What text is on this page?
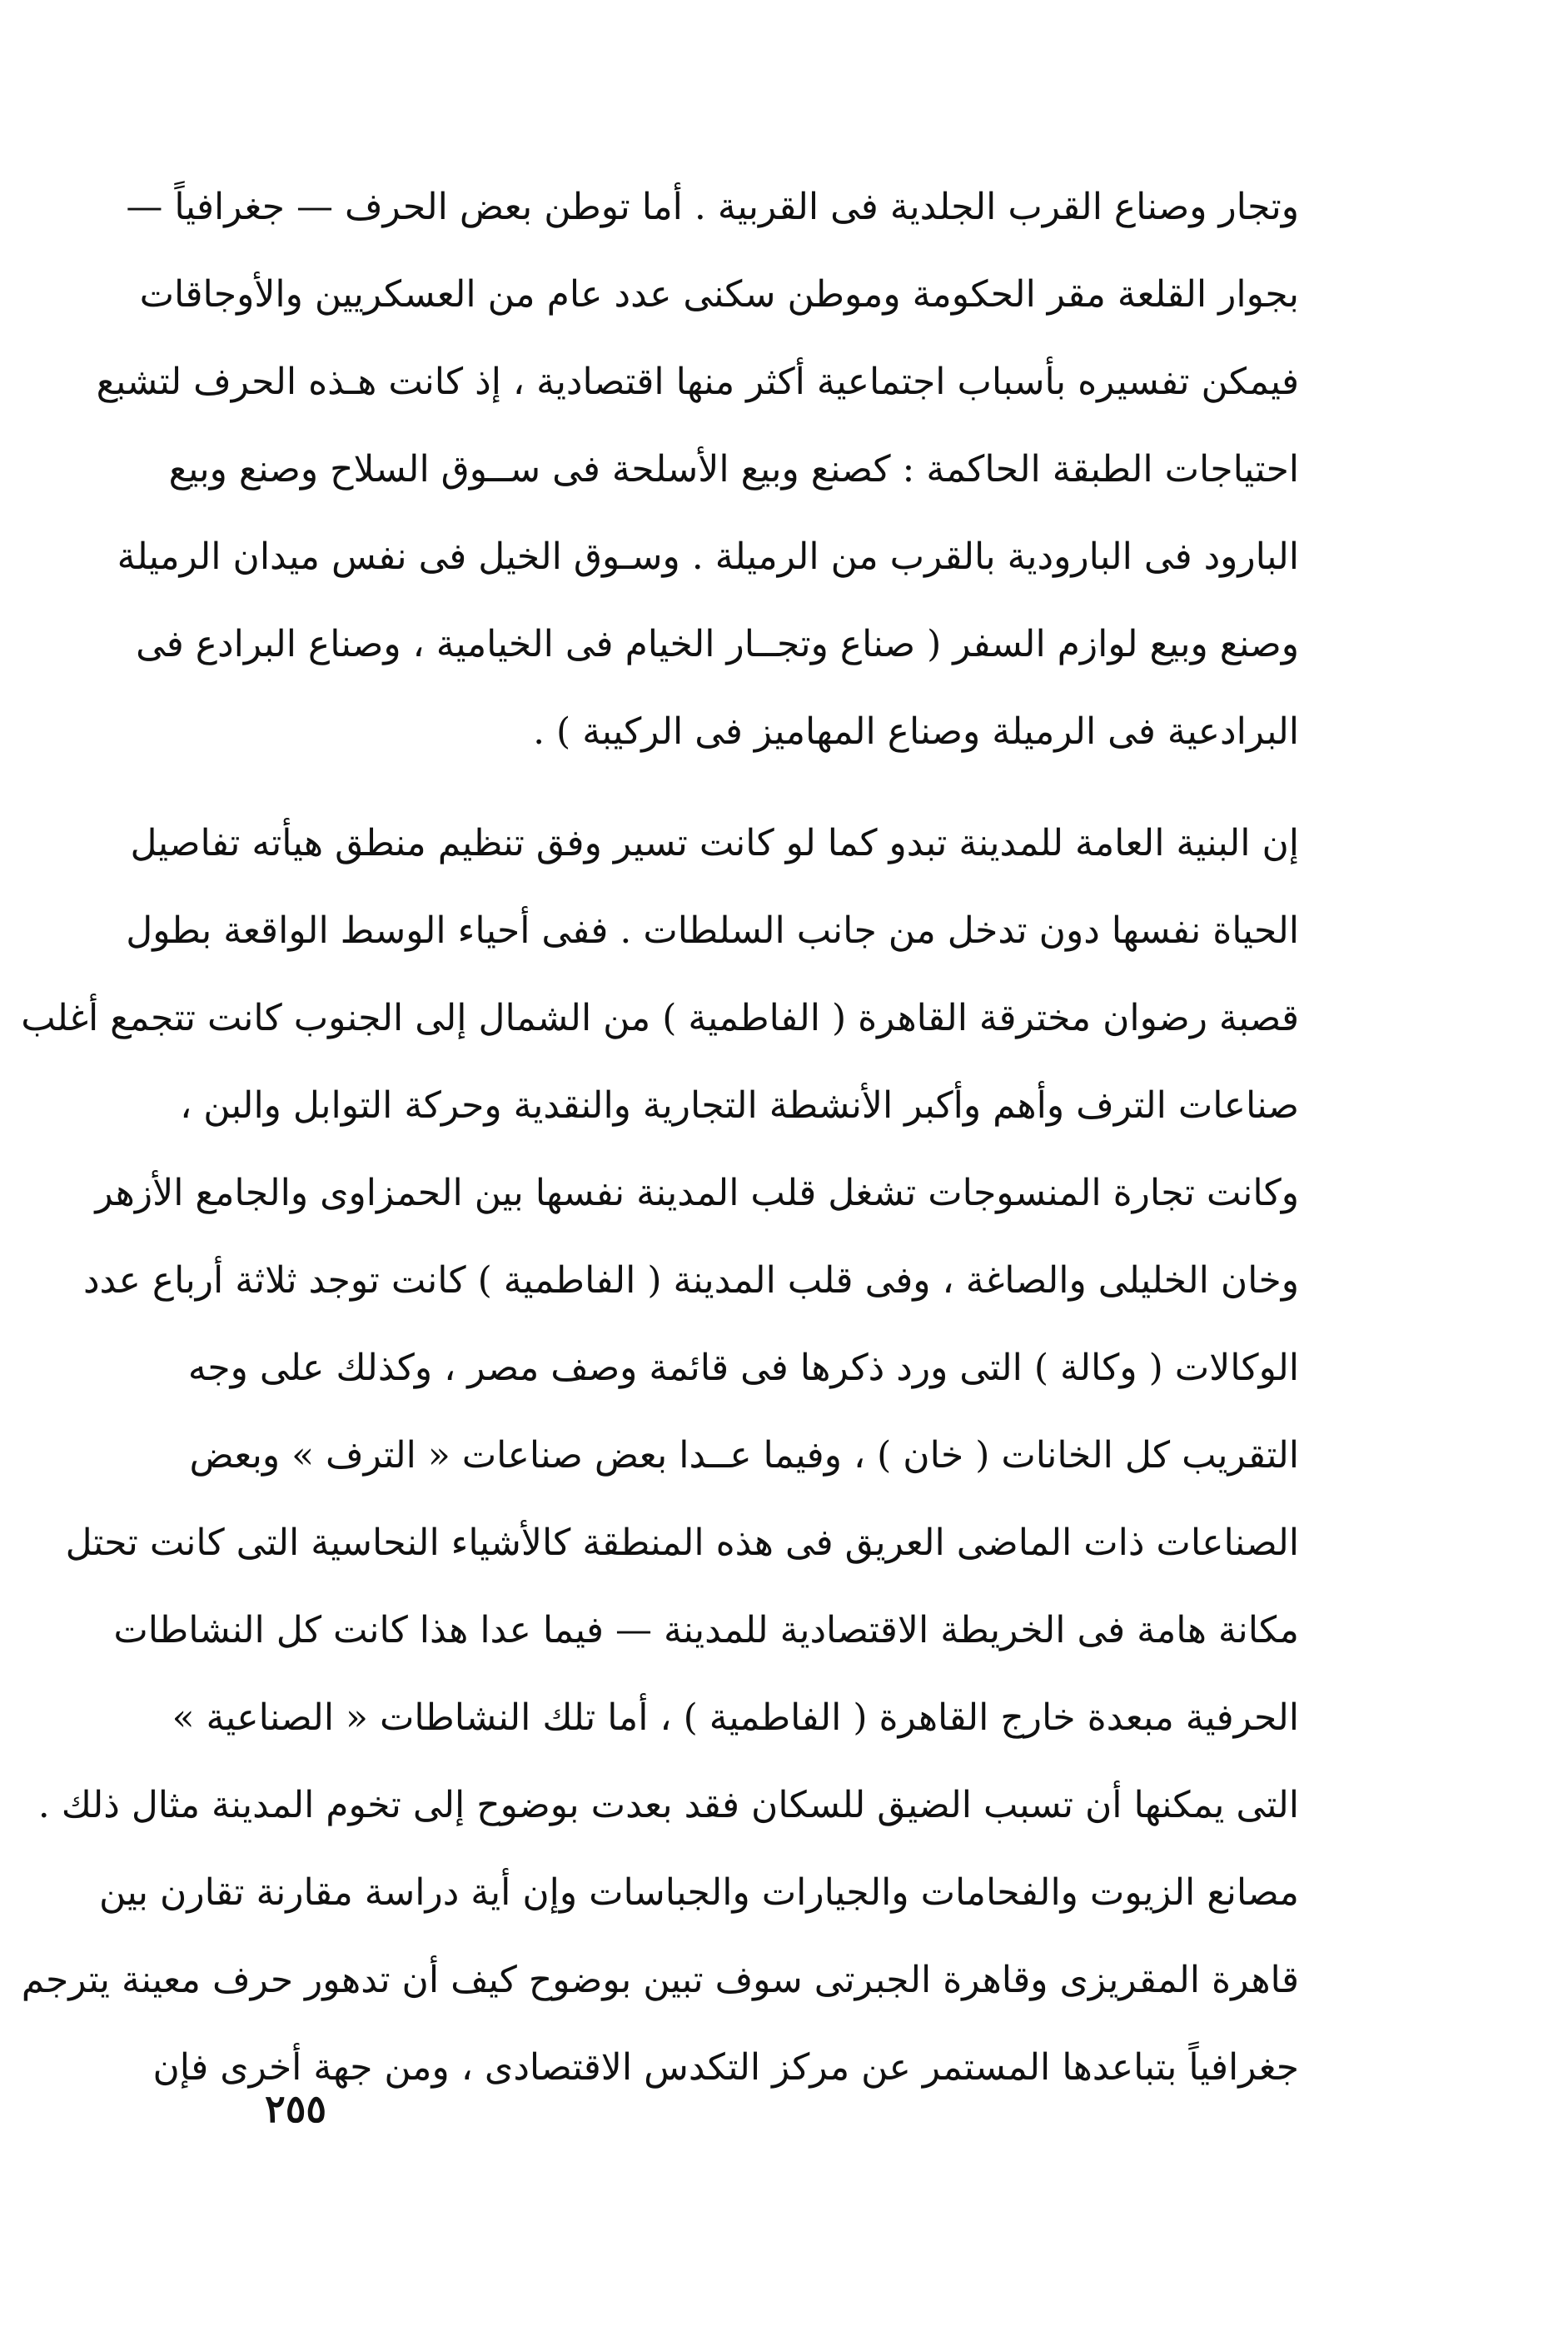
وتجار وصناع القرب الجلدية فى القربية . أما توطن بعض الحرف — جغرافياً —
بجوار القلعة مقر الحكومة وموطن سكنى عدد عام من العسكريين والأوجاقات
فيمكن تفسيره بأسباب اجتماعية أكثر منها اقتصادية ، إذ كانت هـذه الحرف لتشبع
احتياجات الطبقة الحاكمة : كصنع وبيع الأسلحة فى ســوق السلاح وصنع وبيع
البارود فى البارودية بالقرب من الرميلة . وسـوق الخيل فى نفس ميدان الرميلة
وصنع وبيع لوازم السفر ( صناع وتجــار الخيام فى الخيامية ، وصناع البرادع فى
البرادعية فى الرميلة وصناع المهاميز فى الركيبة ) .
إن البنية العامة للمدينة تبدو كما لو كانت تسير وفق تنظيم منطق هيأته تفاصيل
الحياة نفسها دون تدخل من جانب السلطات . ففى أحياء الوسط الواقعة بطول
قصبة رضوان مخترقة القاهرة ( الفاطمية ) من الشمال إلى الجنوب كانت تتجمع أغلب
صناعات الترف وأهم وأكبر الأنشطة التجارية والنقدية وحركة التوابل والبن ،
وكانت تجارة المنسوجات تشغل قلب المدينة نفسها بين الحمزاوى والجامع الأزهر
وخان الخليلى والصاغة ، وفى قلب المدينة ( الفاطمية ) كانت توجد ثلاثة أرباع عدد
الوكالات ( وكالة ) التى ورد ذكرها فى قائمة وصف مصر ، وكذلك على وجه
التقريب كل الخانات ( خان ) ، وفيما عــدا بعض صناعات « الترف » وبعض
الصناعات ذات الماضى العريق فى هذه المنطقة كالأشياء النحاسية التى كانت تحتل
مكانة هامة فى الخريطة الاقتصادية للمدينة — فيما عدا هذا كانت كل النشاطات
الحرفية مبعدة خارج القاهرة ( الفاطمية ) ، أما تلك النشاطات « الصناعية »
التى يمكنها أن تسبب الضيق للسكان فقد بعدت بوضوح إلى تخوم المدينة مثال ذلك .
مصانع الزيوت والفحامات والجيارات والجباسات وإن أية دراسة مقارنة تقارن بين
قاهرة المقريزى وقاهرة الجبرتى سوف تبين بوضوح كيف أن تدهور حرف معينة يترجم
جغرافياً بتباعدها المستمر عن مركز التكدس الاقتصادى ، ومن جهة أخرى فإن
٢٥٥
